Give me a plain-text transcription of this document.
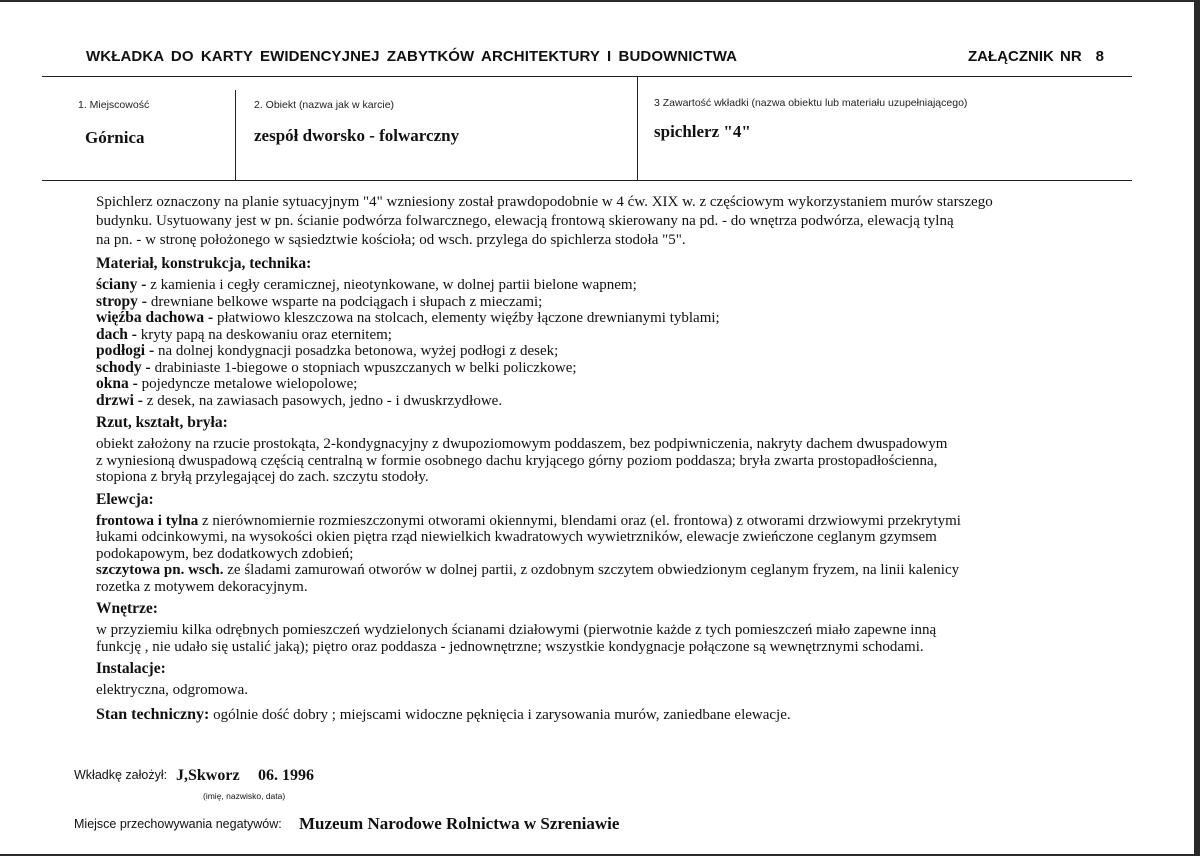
WKŁADKA DO KARTY EWIDENCYJNEJ ZABYTKÓW ARCHITEKTURY I BUDOWNICTWA	ZAŁĄCZNIK NR 8
1. Miejscowość
Górnica
2. Obiekt (nazwa jak w karcie)
zespół dworsko - folwarczny
3 Zawartość wkładki (nazwa obiektu lub materiału uzupełniającego)
spichlerz "4"

Spichlerz oznaczony na planie sytuacyjnym "4" wzniesiony został prawdopodobnie w 4 ćw. XIX w. z częściowym wykorzystaniem murów starszego

budynku. Usytuowany jest w pn. ścianie podwórza folwarcznego, elewacją frontową skierowany na pd. - do wnętrza podwórza, elewacją tylną

na pn. - w stronę położonego w sąsiedztwie kościoła; od wsch. przylega do spichlerza stodoła "5".

Materiał, konstrukcja, technika:

ściany - z kamienia i cegły ceramicznej, nieotynkowane, w dolnej partii bielone wapnem;

stropy - drewniane belkowe wsparte na podciągach i słupach z mieczami;

więźba dachowa - płatwiowo kleszczowa na stolcach, elementy więźby łączone drewnianymi tyblami;

dach - kryty papą na deskowaniu oraz eternitem;

podłogi - na dolnej kondygnacji posadzka betonowa, wyżej podłogi z desek;

schody - drabiniaste 1-biegowe o stopniach wpuszczanych w belki policzkowe;

okna - pojedyncze metalowe wielopolowe;

drzwi - z desek, na zawiasach pasowych, jedno - i dwuskrzydłowe.

Rzut, kształt, bryła:

obiekt założony na rzucie prostokąta, 2-kondygnacyjny z dwupoziomowym poddaszem, bez podpiwniczenia, nakryty dachem dwuspadowym

z wyniesioną dwuspadową częścią centralną w formie osobnego dachu kryjącego górny poziom poddasza; bryła zwarta prostopadłościenna,

stopiona z bryłą przylegającej do zach. szczytu stodoły.

Elewcja:

frontowa i tylna z nierównomiernie rozmieszczonymi otworami okiennymi, blendami oraz (el. frontowa) z otworami drzwiowymi przekrytymi

łukami odcinkowymi, na wysokości okien piętra rząd niewielkich kwadratowych wywietrzników, elewacje zwieńczone ceglanym gzymsem

podokapowym, bez dodatkowych zdobień;

szczytowa pn. wsch. ze śladami zamurowań otworów w dolnej partii, z ozdobnym szczytem obwiedzionym ceglanym fryzem, na linii kalenicy

rozetka z motywem dekoracyjnym.

Wnętrze:

w przyziemiu kilka odrębnych pomieszczeń wydzielonych ścianami działowymi (pierwotnie każde z tych pomieszczeń miało zapewne inną

funkcję , nie udało się ustalić jaką); piętro oraz poddasza - jednownętrzne; wszystkie kondygnacje połączone są wewnętrznymi schodami.

Instalacje:

elektryczna, odgromowa.

Stan techniczny: ogólnie dość dobry ; miejscami widoczne pęknięcia i zarysowania murów, zaniedbane elewacje.

Wkładkę założył: J,Skworz 06. 1996
(imię, nazwisko, data)
Miejsce przechowywania negatywów: Muzeum Narodowe Rolnictwa w Szreniawie
